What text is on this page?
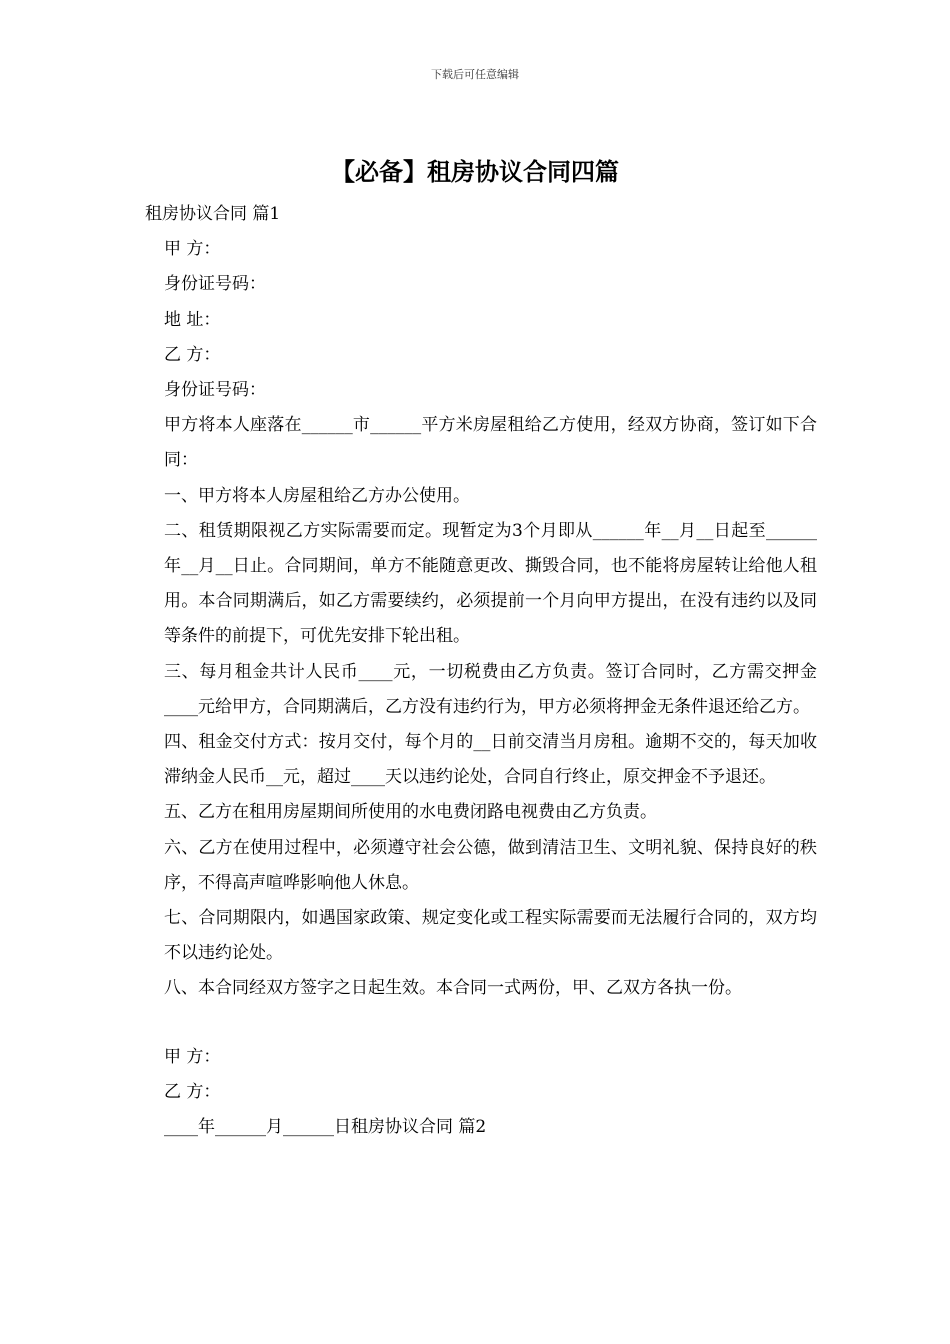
下载后可任意编辑
【必备】租房协议合同四篇

租房协议合同 篇1

甲 方：

身份证号码：

地 址：

乙 方：

身份证号码：

甲方将本人座落在______市______平方米房屋租给乙方使用，经双方协商，签订如下合同：

一、甲方将本人房屋租给乙方办公使用。

二、租赁期限视乙方实际需要而定。现暂定为3个月即从______年__月__日起至______年__月__日止。合同期间，单方不能随意更改、撕毁合同，也不能将房屋转让给他人租用。本合同期满后，如乙方需要续约，必须提前一个月向甲方提出，在没有违约以及同等条件的前提下，可优先安排下轮出租。

三、每月租金共计人民币____元，一切税费由乙方负责。签订合同时，乙方需交押金____元给甲方，合同期满后，乙方没有违约行为，甲方必须将押金无条件退还给乙方。

四、租金交付方式：按月交付，每个月的__日前交清当月房租。逾期不交的，每天加收滞纳金人民币__元，超过____天以违约论处，合同自行终止，原交押金不予退还。

五、乙方在租用房屋期间所使用的水电费闭路电视费由乙方负责。

六、乙方在使用过程中，必须遵守社会公德，做到清洁卫生、文明礼貌、保持良好的秩序，不得高声喧哗影响他人休息。

七、合同期限内，如遇国家政策、规定变化或工程实际需要而无法履行合同的，双方均不以违约论处。

八、本合同经双方签字之日起生效。本合同一式两份，甲、乙双方各执一份。

甲 方：

乙 方：

____年______月______日租房协议合同 篇2
